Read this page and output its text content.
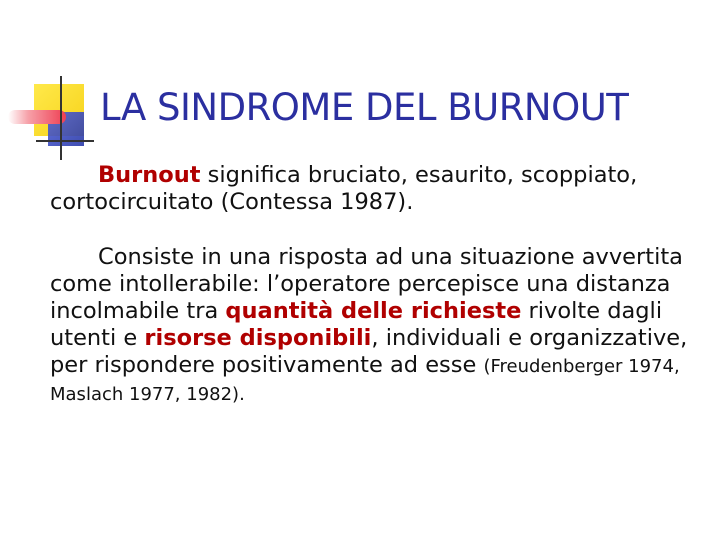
LA SINDROME DEL BURNOUT

Burnout significa bruciato, esaurito, scoppiato, cortocircuitato (Contessa 1987).

Consiste in una risposta ad una situazione avvertita come intollerabile: l’operatore percepisce una distanza incolmabile tra quantità delle richieste rivolte dagli utenti e risorse disponibili, individuali e organizzative, per rispondere positivamente ad esse (Freudenberger 1974, Maslach 1977, 1982).
